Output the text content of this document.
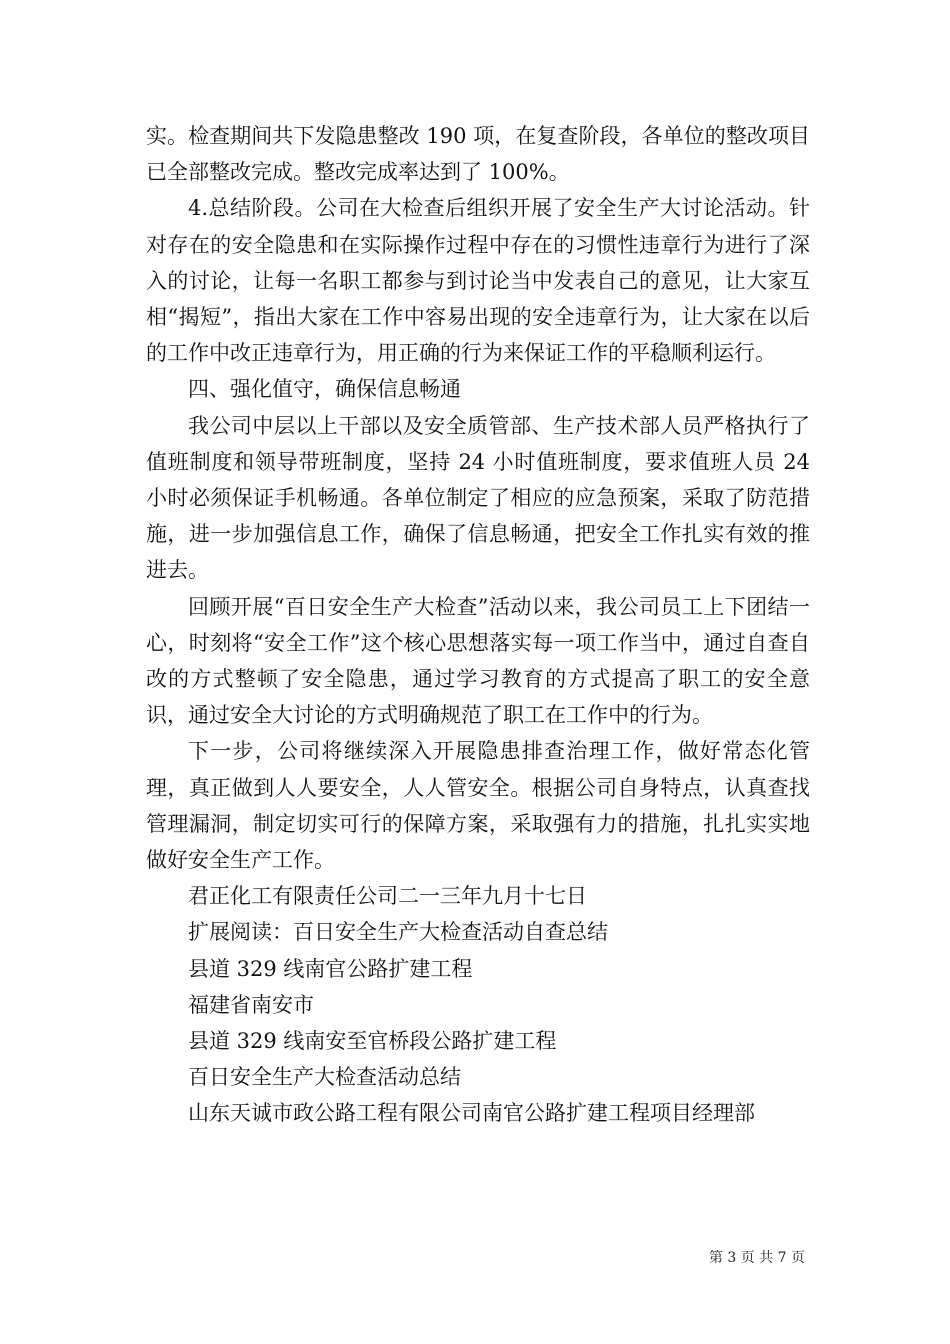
实。检查期间共下发隐患整改 190 项，在复查阶段，各单位的整改项目已全部整改完成。整改完成率达到了 100%。

4.总结阶段。公司在大检查后组织开展了安全生产大讨论活动。针对存在的安全隐患和在实际操作过程中存在的习惯性违章行为进行了深入的讨论，让每一名职工都参与到讨论当中发表自己的意见，让大家互相“揭短”，指出大家在工作中容易出现的安全违章行为，让大家在以后的工作中改正违章行为，用正确的行为来保证工作的平稳顺利运行。

四、强化值守，确保信息畅通

我公司中层以上干部以及安全质管部、生产技术部人员严格执行了值班制度和领导带班制度，坚持 24 小时值班制度，要求值班人员 24 小时必须保证手机畅通。各单位制定了相应的应急预案，采取了防范措施，进一步加强信息工作，确保了信息畅通，把安全工作扎实有效的推进去。

回顾开展“百日安全生产大检查”活动以来，我公司员工上下团结一心，时刻将“安全工作”这个核心思想落实每一项工作当中，通过自查自改的方式整顿了安全隐患，通过学习教育的方式提高了职工的安全意识，通过安全大讨论的方式明确规范了职工在工作中的行为。

下一步，公司将继续深入开展隐患排查治理工作，做好常态化管理，真正做到人人要安全，人人管安全。根据公司自身特点，认真查找管理漏洞，制定切实可行的保障方案，采取强有力的措施，扎扎实实地做好安全生产工作。

君正化工有限责任公司二一三年九月十七日

扩展阅读：百日安全生产大检查活动自查总结

县道 329 线南官公路扩建工程

福建省南安市

县道 329 线南安至官桥段公路扩建工程

百日安全生产大检查活动总结

山东天诚市政公路工程有限公司南官公路扩建工程项目经理部

第 3 页 共 7 页
